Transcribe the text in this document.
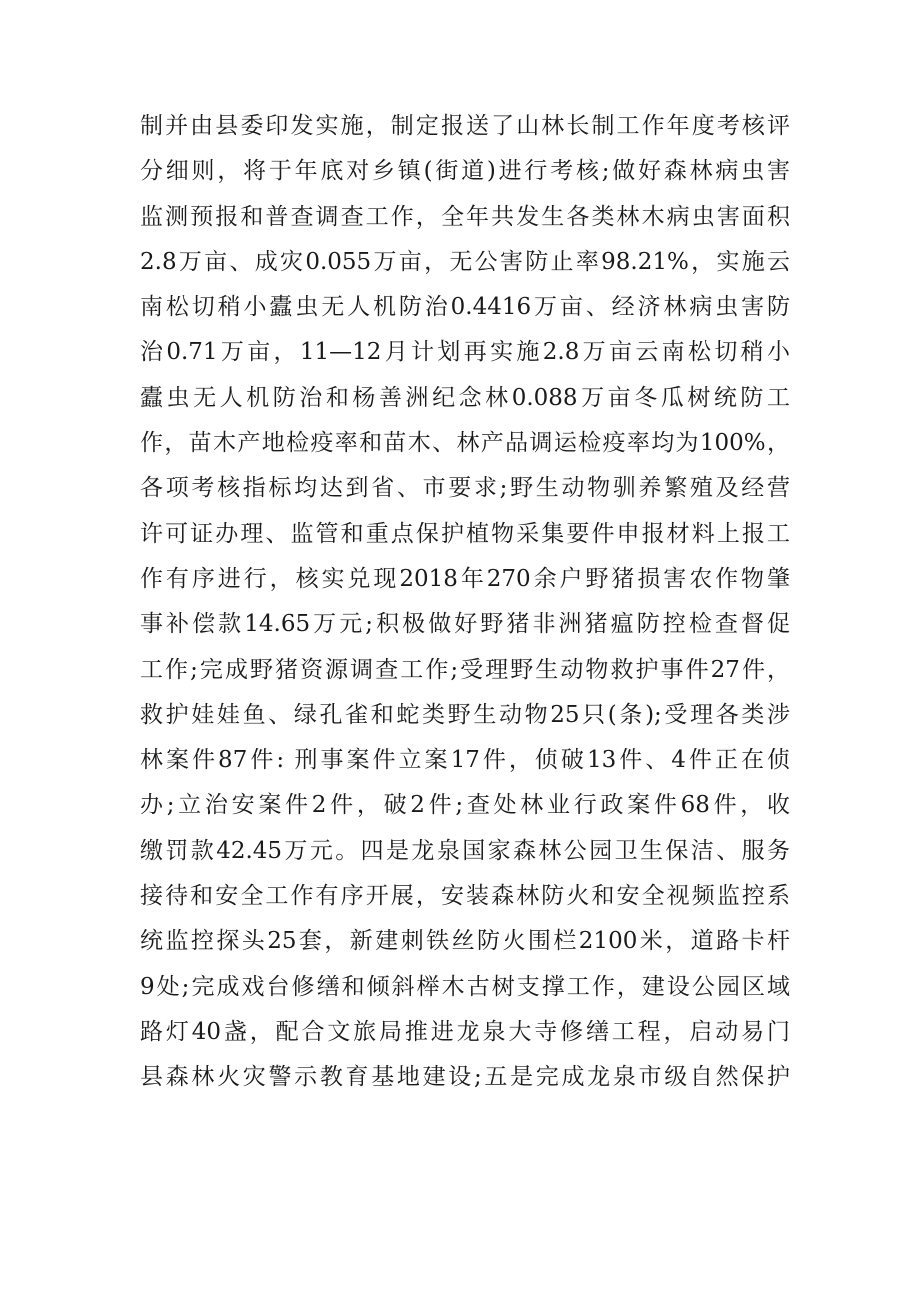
制并由县委印发实施，制定报送了山林长制工作年度考核评
分细则，将于年底对乡镇(街道)进行考核;做好森林病虫害
监测预报和普查调查工作，全年共发生各类林木病虫害面积
2.8万亩、成灾0.055万亩，无公害防止率98.21%，实施云
南松切稍小蠹虫无人机防治0.4416万亩、经济林病虫害防
治0.71万亩，11—12月计划再实施2.8万亩云南松切稍小
蠹虫无人机防治和杨善洲纪念林0.088万亩冬瓜树统防工
作，苗木产地检疫率和苗木、林产品调运检疫率均为100%，
各项考核指标均达到省、市要求;野生动物驯养繁殖及经营
许可证办理、监管和重点保护植物采集要件申报材料上报工
作有序进行，核实兑现2018年270余户野猪损害农作物肇
事补偿款14.65万元;积极做好野猪非洲猪瘟防控检查督促
工作;完成野猪资源调查工作;受理野生动物救护事件27件，
救护娃娃鱼、绿孔雀和蛇类野生动物25只(条);受理各类涉
林案件87件: 刑事案件立案17件，侦破13件、4件正在侦
办;立治安案件2件，破2件;查处林业行政案件68件，收
缴罚款42.45万元。四是龙泉国家森林公园卫生保洁、服务
接待和安全工作有序开展，安装森林防火和安全视频监控系
统监控探头25套，新建刺铁丝防火围栏2100米，道路卡杆
9处;完成戏台修缮和倾斜榉木古树支撑工作，建设公园区域
路灯40盏，配合文旅局推进龙泉大寺修缮工程，启动易门
县森林火灾警示教育基地建设;五是完成龙泉市级自然保护
